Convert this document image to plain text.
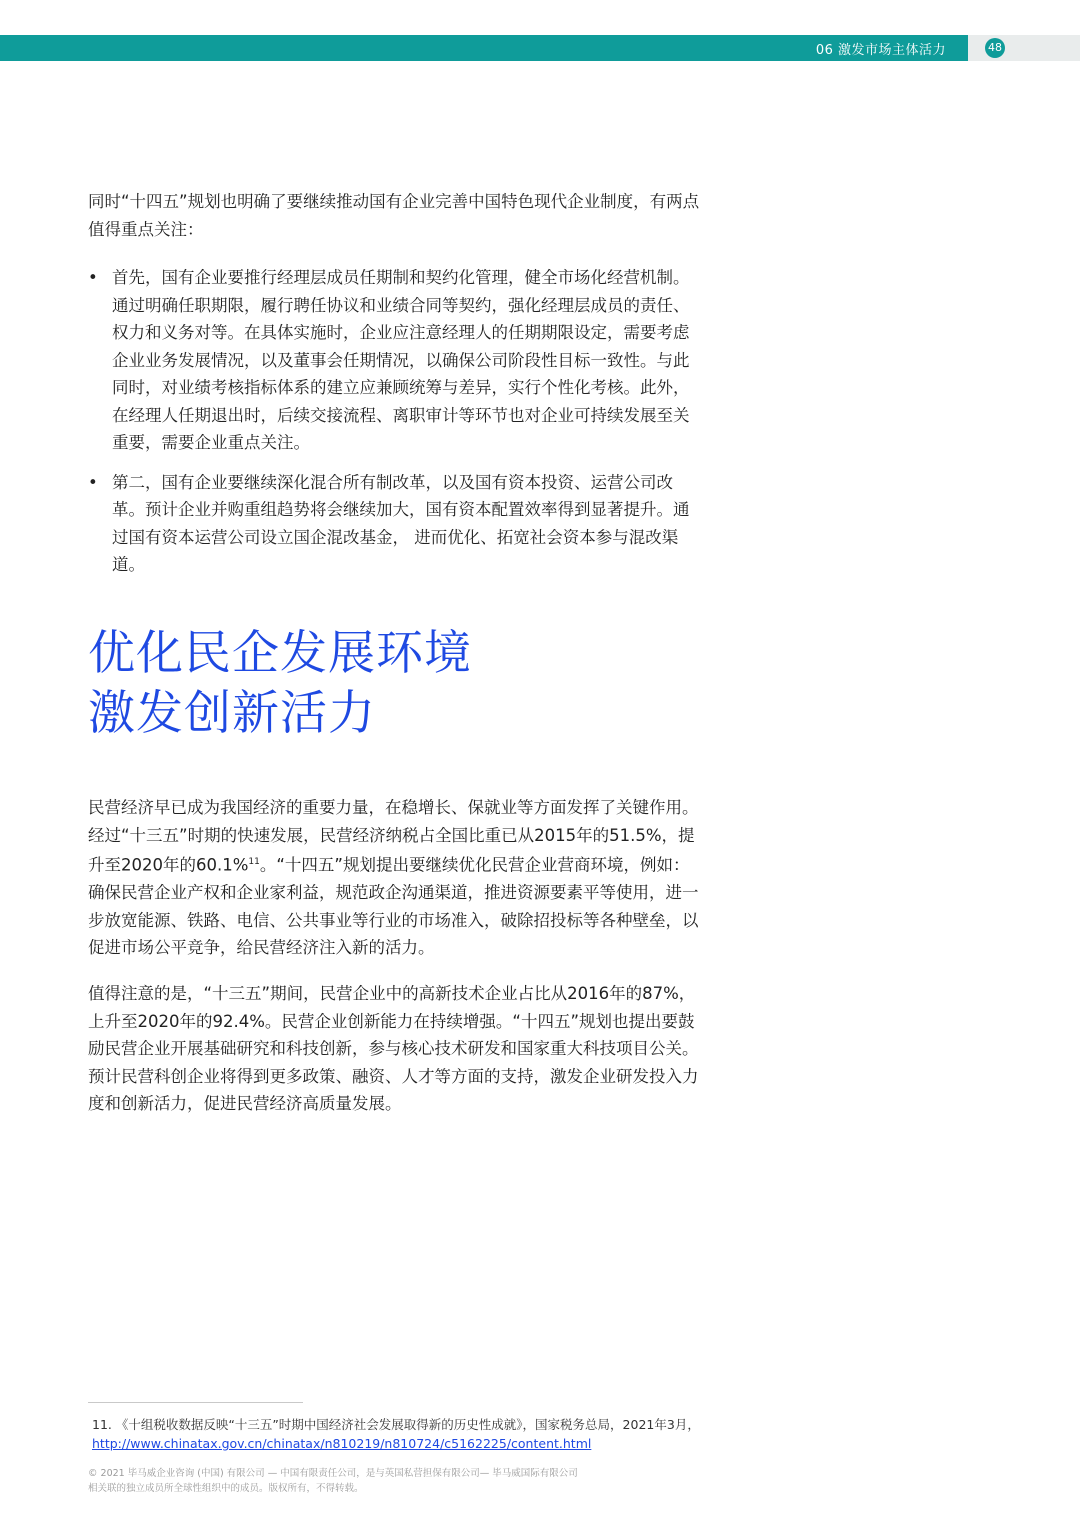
06 激发市场主体活力	48
同时“十四五”规划也明确了要继续推动国有企业完善中国特色现代企业制度，有两点值得重点关注：
• 首先，国有企业要推行经理层成员任期制和契约化管理，健全市场化经营机制。通过明确任职期限，履行聘任协议和业绩合同等契约，强化经理层成员的责任、权力和义务对等。在具体实施时，企业应注意经理人的任期期限设定，需要考虑企业业务发展情况，以及董事会任期情况，以确保公司阶段性目标一致性。与此同时，对业绩考核指标体系的建立应兼顾统筹与差异，实行个性化考核。此外，在经理人任期退出时，后续交接流程、离职审计等环节也对企业可持续发展至关重要，需要企业重点关注。
• 第二，国有企业要继续深化混合所有制改革，以及国有资本投资、运营公司改革。预计企业并购重组趋势将会继续加大，国有资本配置效率得到显著提升。通过国有资本运营公司设立国企混改基金， 进而优化、拓宽社会资本参与混改渠道。
优化民企发展环境
激发创新活力
民营经济早已成为我国经济的重要力量，在稳增长、保就业等方面发挥了关键作用。经过“十三五”时期的快速发展，民营经济纳税占全国比重已从2015年的51.5%，提升至2020年的60.1%$^{11}$。“十四五”规划提出要继续优化民营企业营商环境，例如：确保民营企业产权和企业家利益，规范政企沟通渠道，推进资源要素平等使用，进一步放宽能源、铁路、电信、公共事业等行业的市场准入，破除招投标等各种壁垒，以促进市场公平竞争，给民营经济注入新的活力。
值得注意的是，“十三五”期间，民营企业中的高新技术企业占比从2016年的87%，上升至2020年的92.4%。民营企业创新能力在持续增强。“十四五”规划也提出要鼓励民营企业开展基础研究和科技创新，参与核心技术研发和国家重大科技项目公关。预计民营科创企业将得到更多政策、融资、人才等方面的支持，激发企业研发投入力度和创新活力，促进民营经济高质量发展。
11. 《十组税收数据反映“十三五”时期中国经济社会发展取得新的历史性成就》，国家税务总局，2021年3月，
http://www.chinatax.gov.cn/chinatax/n810219/n810724/c5162225/content.html
© 2021 毕马威企业咨询 (中国) 有限公司 — 中国有限责任公司，是与英国私营担保有限公司— 毕马威国际有限公司
相关联的独立成员所全球性组织中的成员。版权所有，不得转载。
